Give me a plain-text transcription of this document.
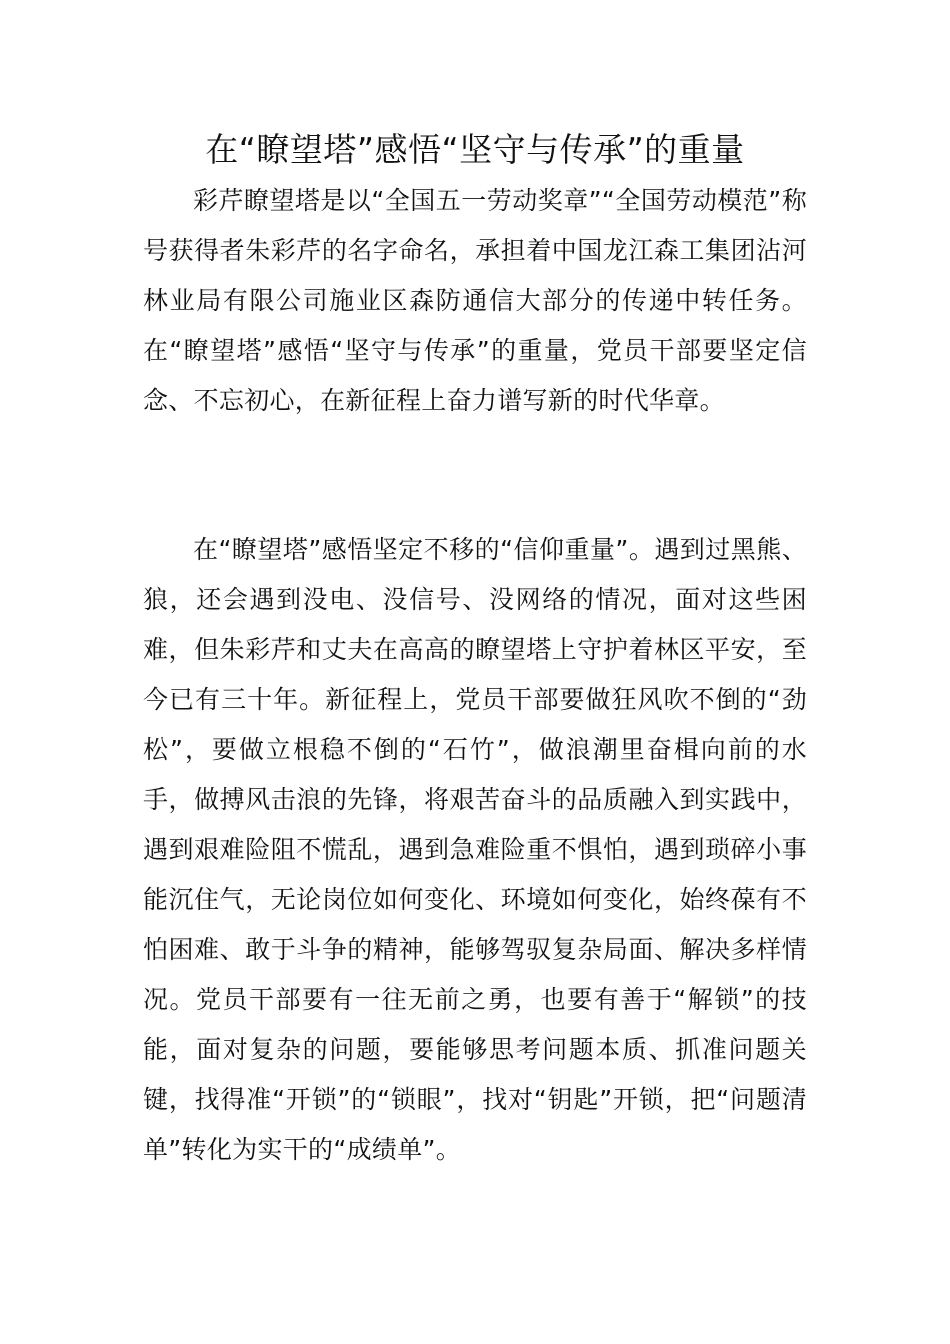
在“瞭望塔”感悟“坚守与传承”的重量

彩芹瞭望塔是以“全国五一劳动奖章”“全国劳动模范”称号获得者朱彩芹的名字命名，承担着中国龙江森工集团沾河林业局有限公司施业区森防通信大部分的传递中转任务。在“瞭望塔”感悟“坚守与传承”的重量，党员干部要坚定信念、不忘初心，在新征程上奋力谱写新的时代华章。

在“瞭望塔”感悟坚定不移的“信仰重量”。遇到过黑熊、狼，还会遇到没电、没信号、没网络的情况，面对这些困难，但朱彩芹和丈夫在高高的瞭望塔上守护着林区平安，至今已有三十年。新征程上，党员干部要做狂风吹不倒的“劲松”，要做立根稳不倒的“石竹”，做浪潮里奋楫向前的水手，做搏风击浪的先锋，将艰苦奋斗的品质融入到实践中，遇到艰难险阻不慌乱，遇到急难险重不惧怕，遇到琐碎小事能沉住气，无论岗位如何变化、环境如何变化，始终葆有不怕困难、敢于斗争的精神，能够驾驭复杂局面、解决多样情况。党员干部要有一往无前之勇，也要有善于“解锁”的技能，面对复杂的问题，要能够思考问题本质、抓准问题关键，找得准“开锁”的“锁眼”，找对“钥匙”开锁，把“问题清单”转化为实干的“成绩单”。
